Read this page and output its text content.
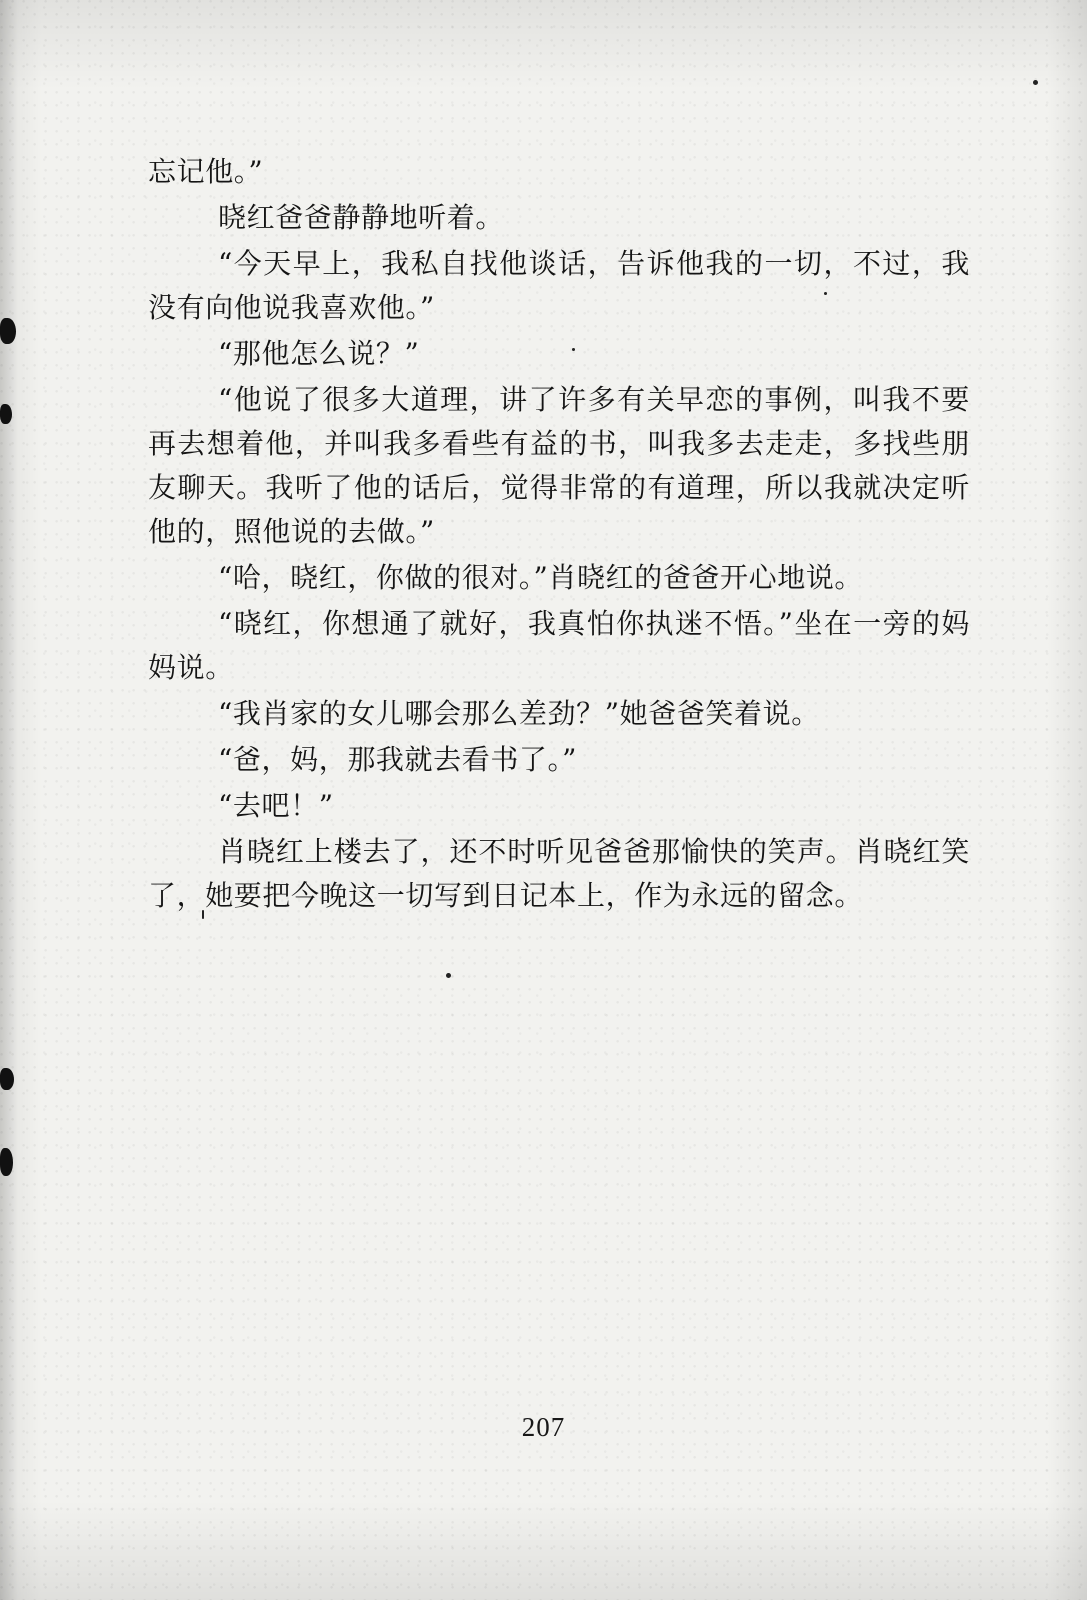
忘记他。”

晓红爸爸静静地听着。

“今天早上，我私自找他谈话，告诉他我的一切，不过，我没有向他说我喜欢他。”

“那他怎么说？”

“他说了很多大道理，讲了许多有关早恋的事例，叫我不要再去想着他，并叫我多看些有益的书，叫我多去走走，多找些朋友聊天。我听了他的话后，觉得非常的有道理，所以我就决定听他的，照他说的去做。”

“哈，晓红，你做的很对。”肖晓红的爸爸开心地说。

“晓红，你想通了就好，我真怕你执迷不悟。”坐在一旁的妈妈说。

“我肖家的女儿哪会那么差劲？”她爸爸笑着说。

“爸，妈，那我就去看书了。”

“去吧！”

肖晓红上楼去了，还不时听见爸爸那愉快的笑声。肖晓红笑了，她要把今晚这一切写到日记本上，作为永远的留念。

207
